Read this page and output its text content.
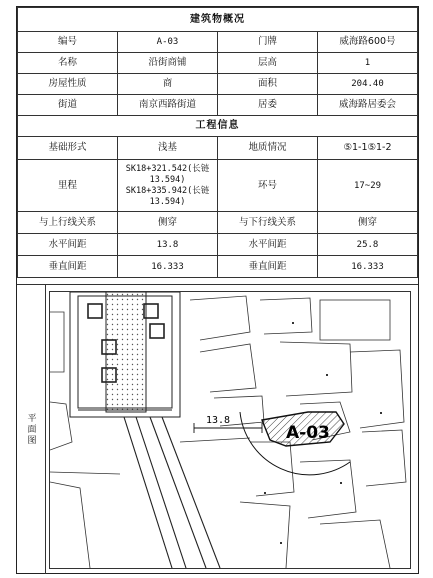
建筑物概况			
编号	A-03	门牌	威海路600号
名称	沿街商铺	层高	1
房屋性质	商	面积	204.40
街道	南京西路街道	居委	威海路居委会
工程信息			
基础形式	浅基	地质情况	⑤1-1⑤1-2
里程	SK18+321.542(长链
13.594)
SK18+335.942(长链
13.594)	环号	17~29
与上行线关系	侧穿	与下行线关系	侧穿
水平间距	13.8	水平间距	25.8
垂直间距	16.333	垂直间距	16.333
平面图	13.8
A-03
